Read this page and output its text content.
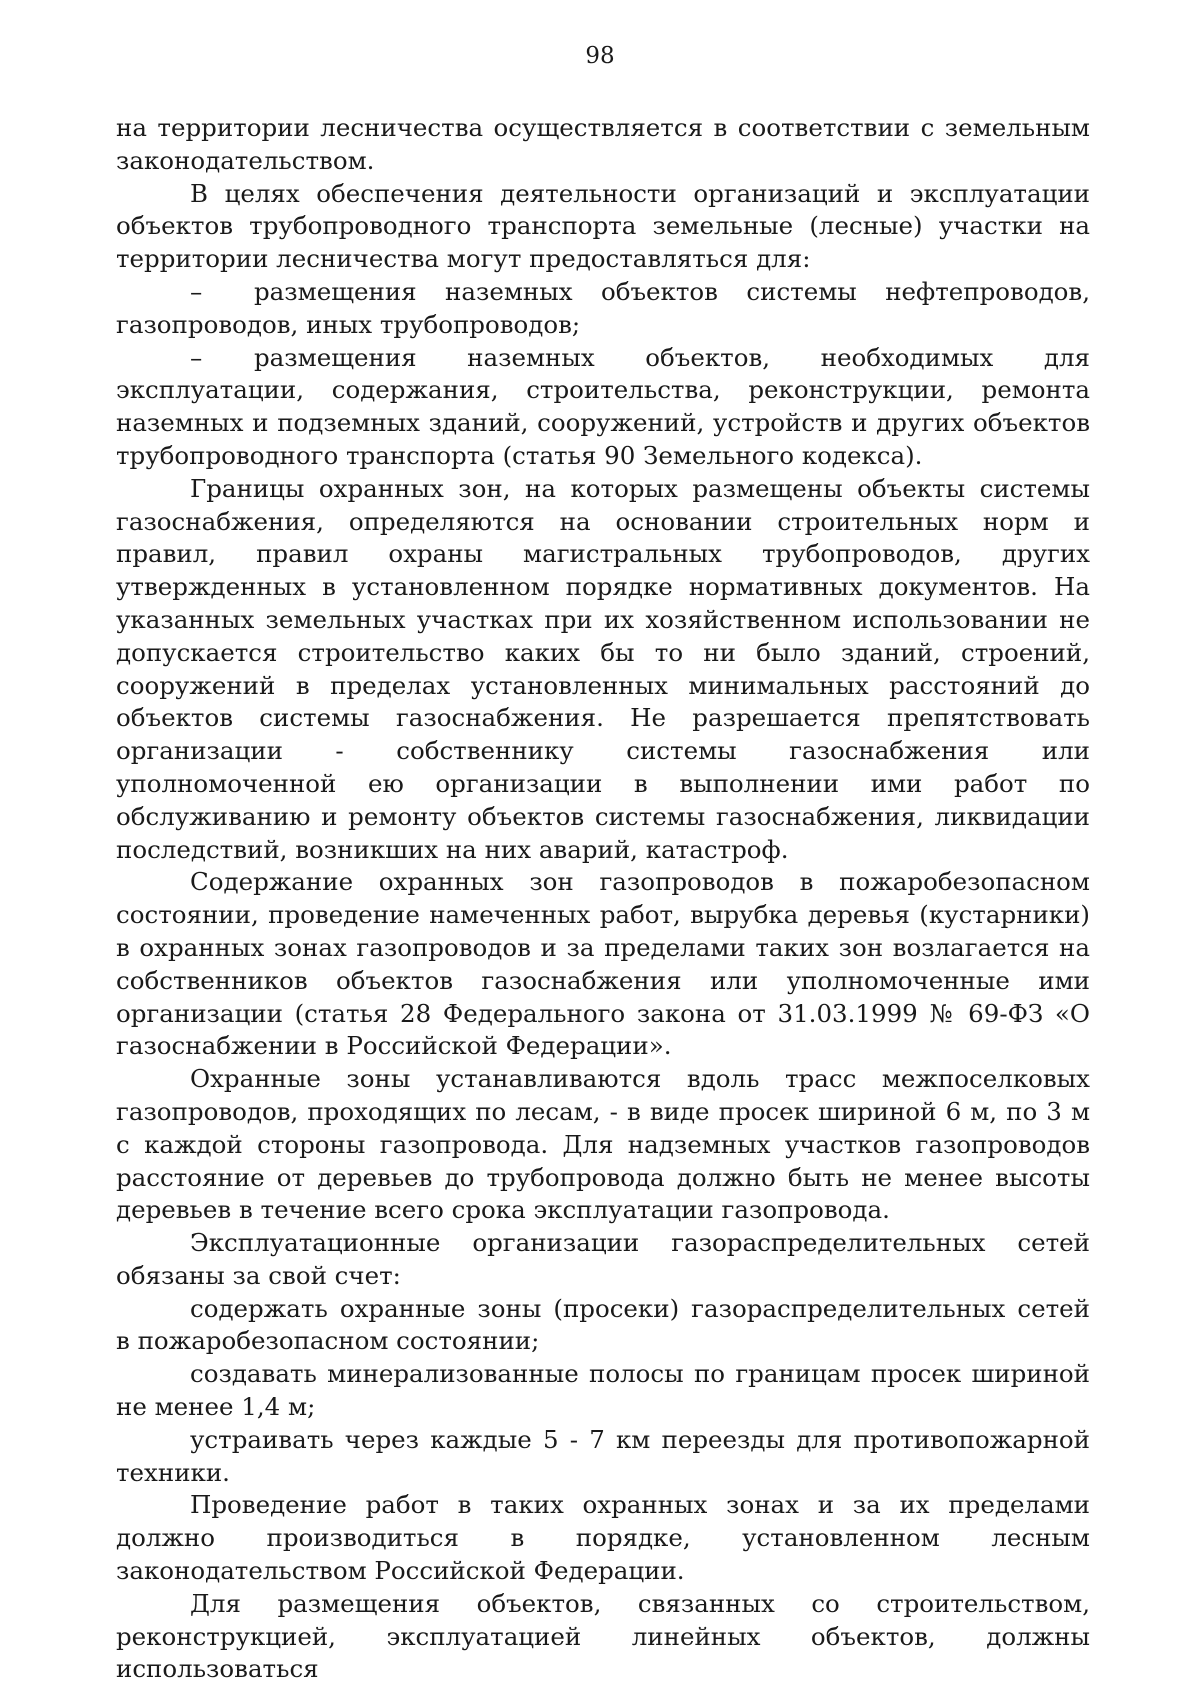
98

на территории лесничества осуществляется в соответствии с земельным законодательством.

В целях обеспечения деятельности организаций и эксплуатации объектов трубопроводного транспорта земельные (лесные) участки на территории лесничества могут предоставляться для:

– размещения наземных объектов системы нефтепроводов, газопроводов, иных трубопроводов;

– размещения наземных объектов, необходимых для эксплуатации, содержания, строительства, реконструкции, ремонта наземных и подземных зданий, сооружений, устройств и других объектов трубопроводного транспорта (статья 90 Земельного кодекса).

Границы охранных зон, на которых размещены объекты системы газоснабжения, определяются на основании строительных норм и правил, правил охраны магистральных трубопроводов, других утвержденных в установленном порядке нормативных документов. На указанных земельных участках при их хозяйственном использовании не допускается строительство каких бы то ни было зданий, строений, сооружений в пределах установленных минимальных расстояний до объектов системы газоснабжения. Не разрешается препятствовать организации - собственнику системы газоснабжения или уполномоченной ею организации в выполнении ими работ по обслуживанию и ремонту объектов системы газоснабжения, ликвидации последствий, возникших на них аварий, катастроф.

Содержание охранных зон газопроводов в пожаробезопасном состоянии, проведение намеченных работ, вырубка деревья (кустарники) в охранных зонах газопроводов и за пределами таких зон возлагается на собственников объектов газоснабжения или уполномоченные ими организации (статья 28 Федерального закона от 31.03.1999 № 69-ФЗ «О газоснабжении в Российской Федерации».

Охранные зоны устанавливаются вдоль трасс межпоселковых газопроводов, проходящих по лесам, - в виде просек шириной 6 м, по 3 м с каждой стороны газопровода. Для надземных участков газопроводов расстояние от деревьев до трубопровода должно быть не менее высоты деревьев в течение всего срока эксплуатации газопровода.

Эксплуатационные организации газораспределительных сетей обязаны за свой счет:

содержать охранные зоны (просеки) газораспределительных сетей в пожаробезопасном состоянии;

создавать минерализованные полосы по границам просек шириной не менее 1,4 м;

устраивать через каждые 5 - 7 км переезды для противопожарной техники.

Проведение работ в таких охранных зонах и за их пределами должно производиться в порядке, установленном лесным законодательством Российской Федерации.

Для размещения объектов, связанных со строительством, реконструкцией, эксплуатацией линейных объектов, должны использоваться
